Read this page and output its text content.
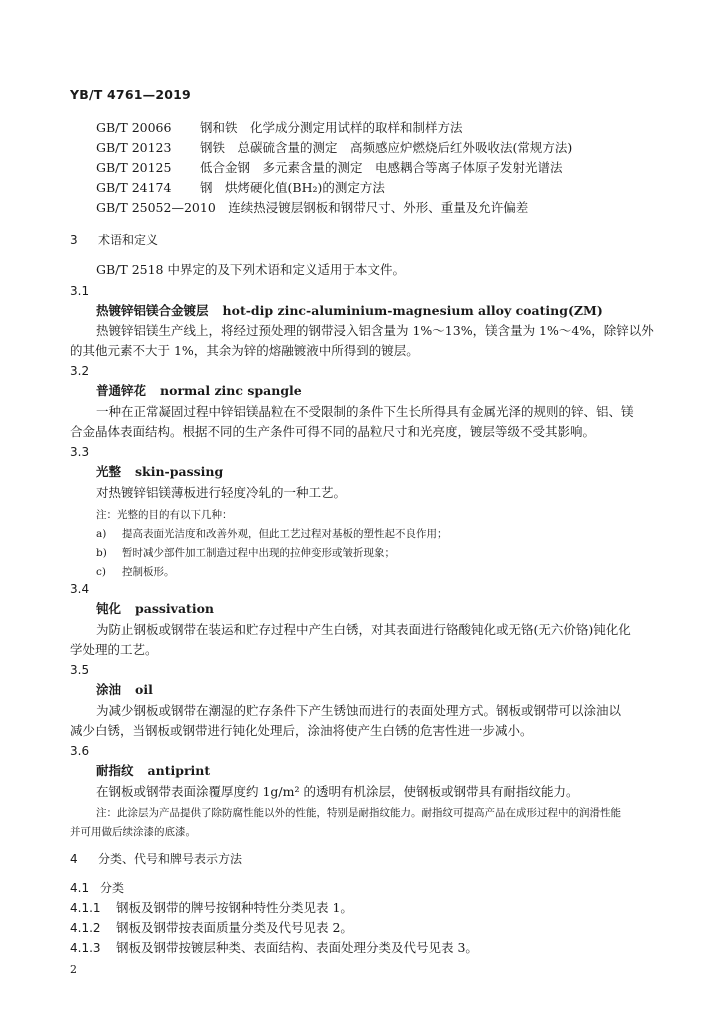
YB/T 4761—2019
GB/T 20066 钢和铁　化学成分测定用试样的取样和制样方法
GB/T 20123 钢铁　总碳硫含量的测定　高频感应炉燃烧后红外吸收法(常规方法)
GB/T 20125 低合金钢　多元素含量的测定　电感耦合等离子体原子发射光谱法
GB/T 24174 钢　烘烤硬化值(BH₂)的测定方法
GB/T 25052—2010　 连续热浸镀层钢板和钢带尺寸、外形、重量及允许偏差
3 术语和定义
GB/T 2518 中界定的及下列术语和定义适用于本文件。
3.1
热镀锌铝镁合金镀层 hot-dip zinc-aluminium-magnesium alloy coating(ZM)
热镀锌铝镁生产线上，将经过预处理的钢带浸入铝含量为 1%～13%，镁含量为 1%～4%，除锌以外
的其他元素不大于 1%，其余为锌的熔融镀液中所得到的镀层。
3.2
普通锌花 normal zinc spangle
一种在正常凝固过程中锌铝镁晶粒在不受限制的条件下生长所得具有金属光泽的规则的锌、铝、镁
合金晶体表面结构。根据不同的生产条件可得不同的晶粒尺寸和光亮度，镀层等级不受其影响。
3.3
光整 skin-passing
对热镀锌铝镁薄板进行轻度冷轧的一种工艺。
注：光整的目的有以下几种：
a) 提高表面光洁度和改善外观，但此工艺过程对基板的塑性起不良作用；
b) 暂时减少部件加工制造过程中出现的拉伸变形或皱折现象；
c) 控制板形。
3.4
钝化 passivation
为防止钢板或钢带在装运和贮存过程中产生白锈，对其表面进行铬酸钝化或无铬(无六价铬)钝化化
学处理的工艺。
3.5
涂油 oil
为减少钢板或钢带在潮湿的贮存条件下产生锈蚀而进行的表面处理方式。钢板或钢带可以涂油以
减少白锈，当钢板或钢带进行钝化处理后，涂油将使产生白锈的危害性进一步减小。
3.6
耐指纹 antiprint
在钢板或钢带表面涂覆厚度约 1g/m² 的透明有机涂层，使钢板或钢带具有耐指纹能力。
注：此涂层为产品提供了除防腐性能以外的性能，特别是耐指纹能力。耐指纹可提高产品在成形过程中的润滑性能
并可用做后续涂漆的底漆。
4 分类、代号和牌号表示方法
4.1 分类
4.1.1 钢板及钢带的牌号按钢种特性分类见表 1。
4.1.2 钢板及钢带按表面质量分类及代号见表 2。
4.1.3 钢板及钢带按镀层种类、表面结构、表面处理分类及代号见表 3。
2
